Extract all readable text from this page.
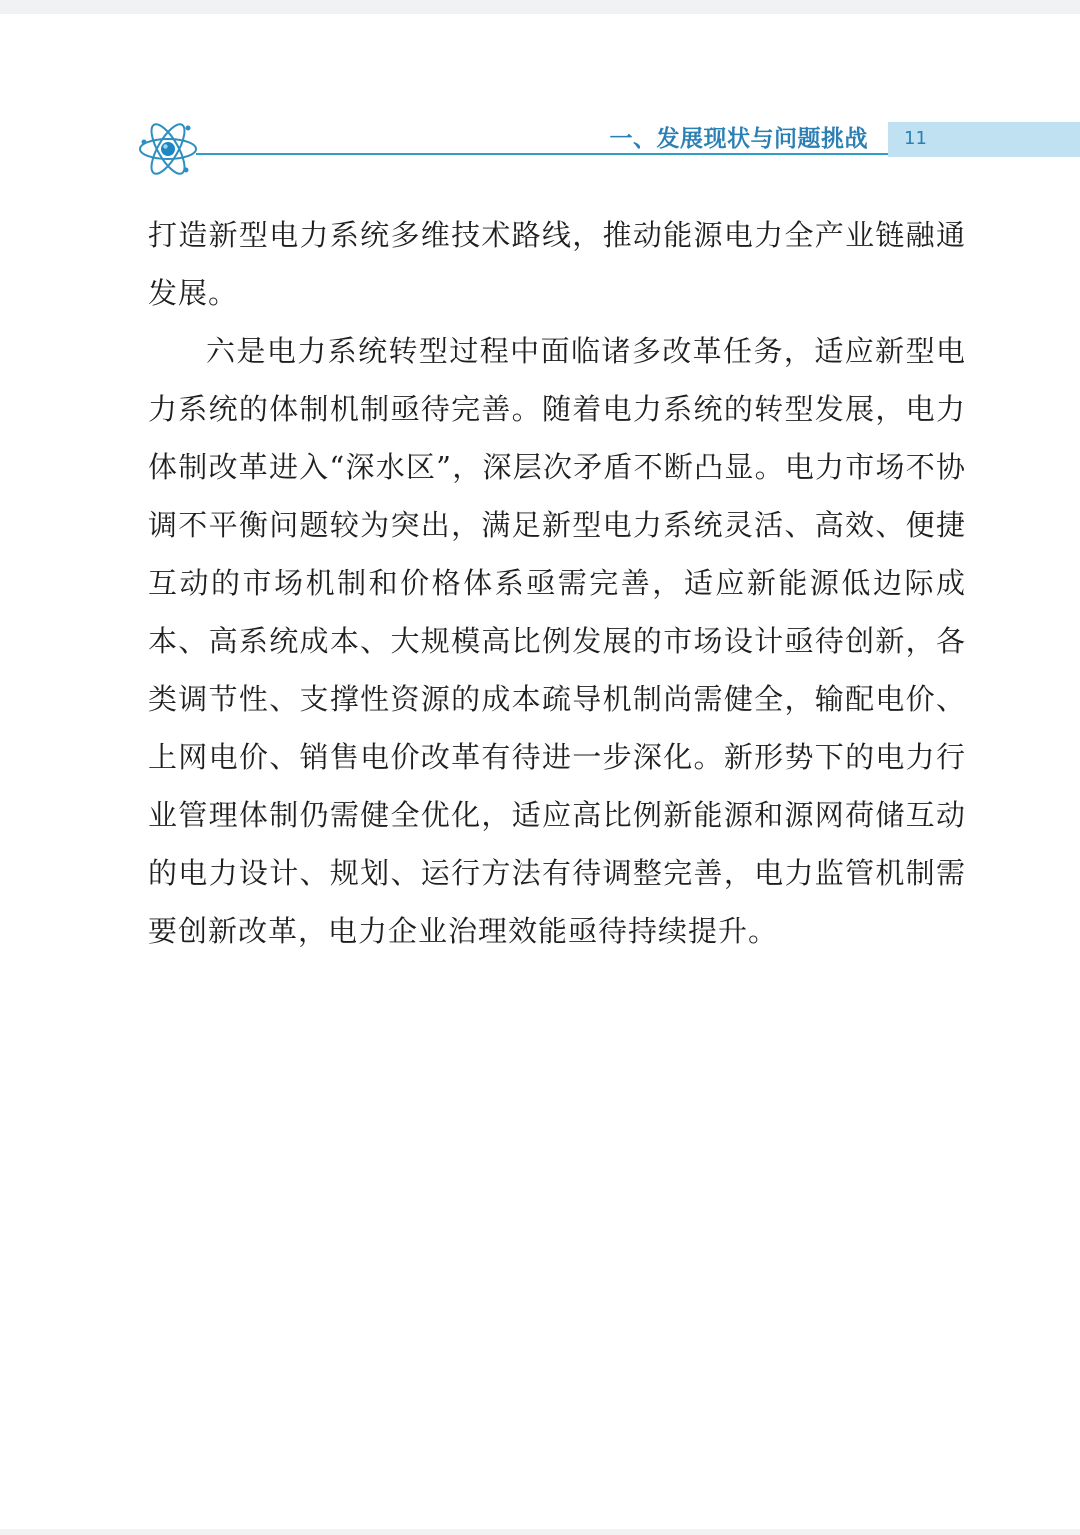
一、发展现状与问题挑战 11

打造新型电力系统多维技术路线，推动能源电力全产业链融通发展。

六是电力系统转型过程中面临诸多改革任务，适应新型电力系统的体制机制亟待完善。随着电力系统的转型发展，电力体制改革进入“深水区”，深层次矛盾不断凸显。电力市场不协调不平衡问题较为突出，满足新型电力系统灵活、高效、便捷互动的市场机制和价格体系亟需完善，适应新能源低边际成本、高系统成本、大规模高比例发展的市场设计亟待创新，各类调节性、支撑性资源的成本疏导机制尚需健全，输配电价、上网电价、销售电价改革有待进一步深化。新形势下的电力行业管理体制仍需健全优化，适应高比例新能源和源网荷储互动的电力设计、规划、运行方法有待调整完善，电力监管机制需要创新改革，电力企业治理效能亟待持续提升。
